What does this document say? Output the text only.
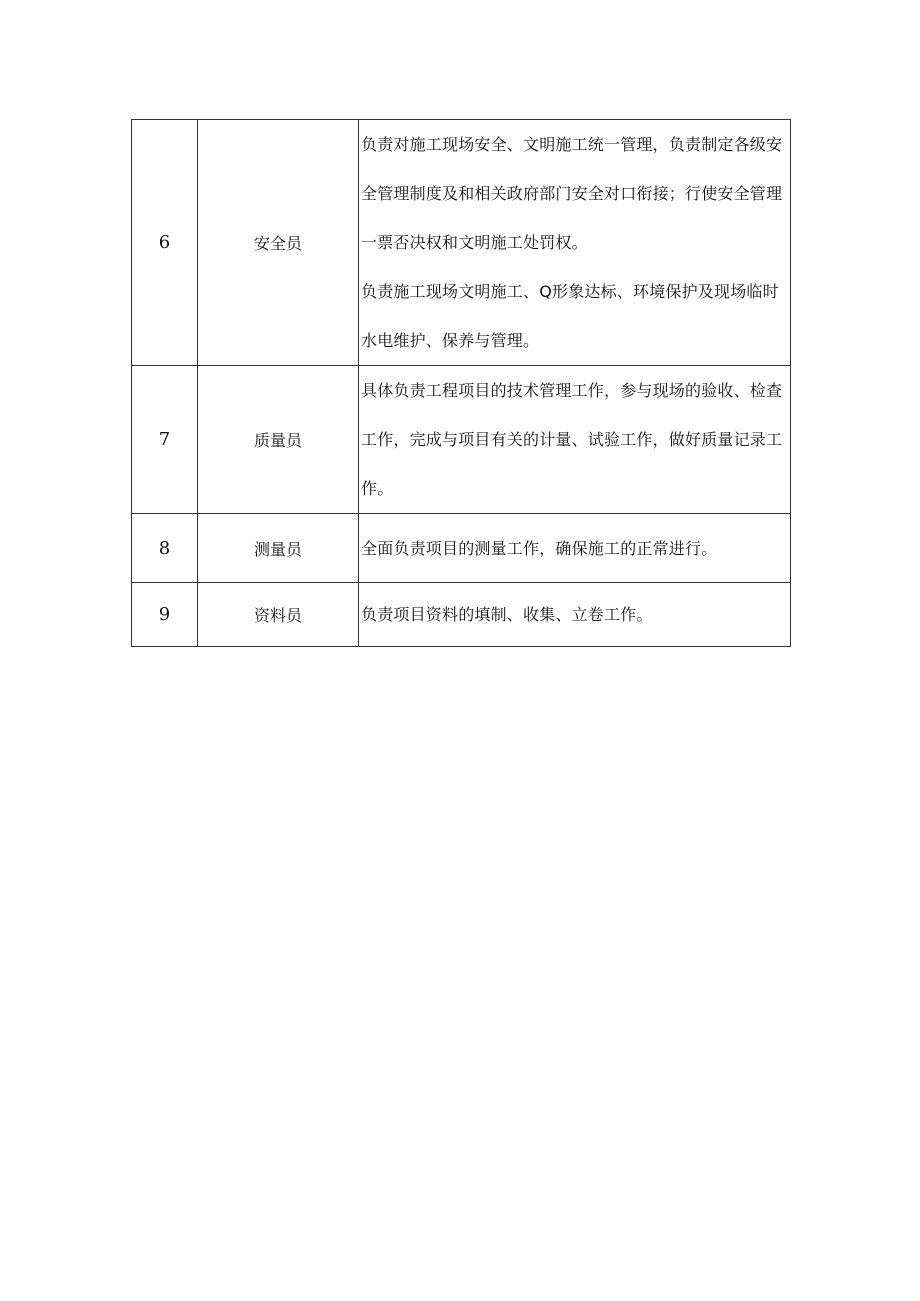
6	安全员	负责对施工现场安全、文明施工统一管理，负责制定各级安全管理制度及和相关政府部门安全对口衔接；行使安全管理一票否决权和文明施工处罚权。
负责施工现场文明施工、Q形象达标、环境保护及现场临时水电维护、保养与管理。

7	质量员	具体负责工程项目的技术管理工作，参与现场的验收、检查工作，完成与项目有关的计量、试验工作，做好质量记录工作。

8	测量员	全面负责项目的测量工作，确保施工的正常进行。

9	资料员	负责项目资料的填制、收集、立卷工作。
